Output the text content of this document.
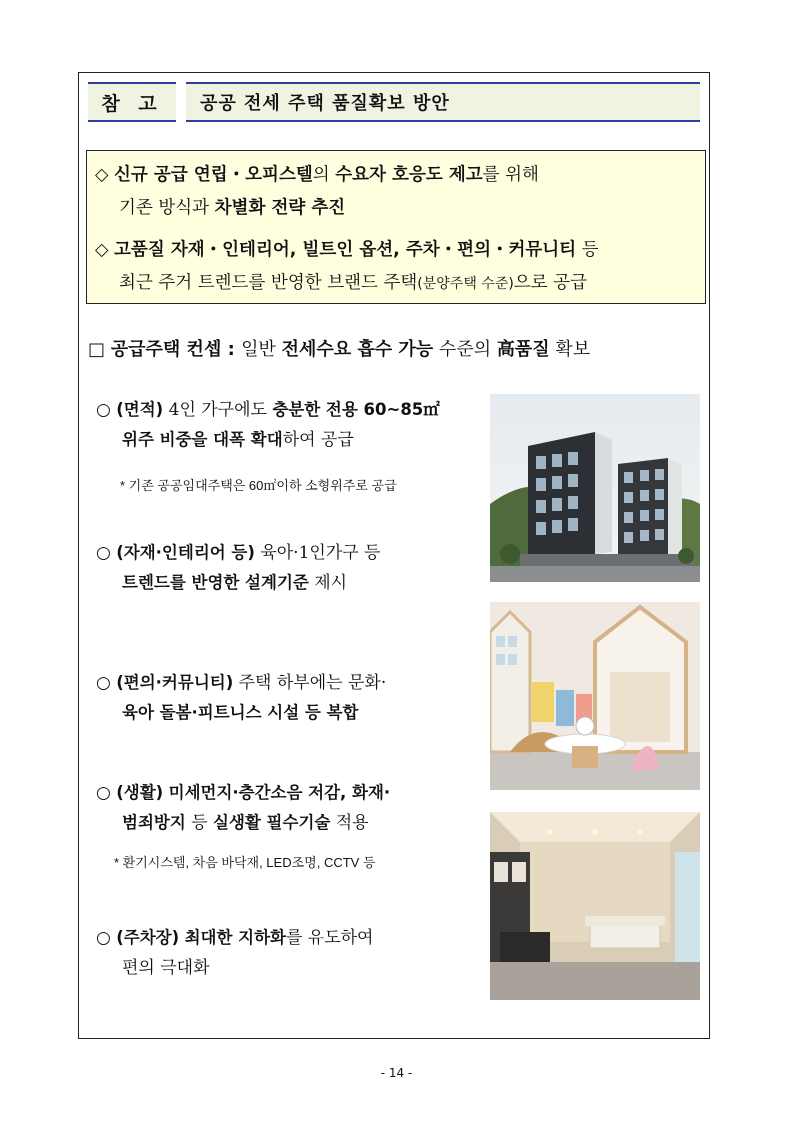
참 고	공공 전세 주택 품질확보 방안
◇ 신규 공급 연립・오피스텔의 수요자 호응도 제고를 위해
기존 방식과 차별화 전략 추진
◇ 고품질 자재・인테리어, 빌트인 옵션, 주차・편의・커뮤니티 등
최근 주거 트렌드를 반영한 브랜드 주택(분양주택 수준)으로 공급
□ 공급주택 컨셉 : 일반 전세수요 흡수 가능 수준의 高품질 확보
○ (면적) 4인 가구에도 충분한 전용 60~85㎡
위주 비중을 대폭 확대하여 공급
* 기존 공공임대주택은 60㎡이하 소형위주로 공급
○ (자재·인테리어 등) 육아·1인가구 등
트렌드를 반영한 설계기준 제시
○ (편의·커뮤니티) 주택 하부에는 문화·
육아 돌봄·피트니스 시설 등 복합
○ (생활) 미세먼지·층간소음 저감, 화재·
범죄방지 등 실생활 필수기술 적용
* 환기시스템, 차음 바닥재, LED조명, CCTV 등
○ (주차장) 최대한 지하화를 유도하여
편의 극대화
- 14 -
